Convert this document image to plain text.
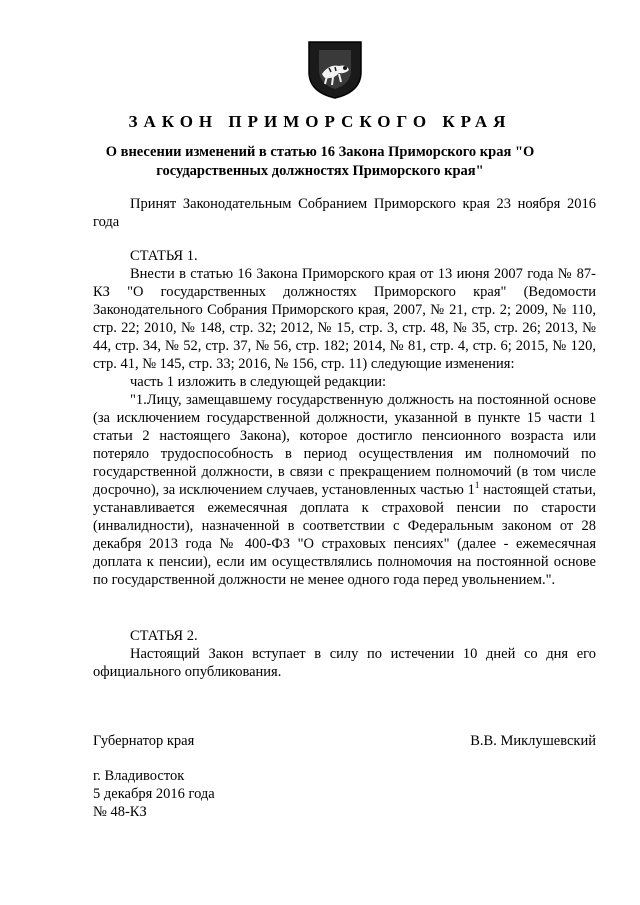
ЗАКОН ПРИМОРСКОГО КРАЯ
О внесении изменений в статью 16 Закона Приморского края "О государственных должностях Приморского края"

Принят Законодательным Собранием Приморского края 23 ноября 2016 года

СТАТЬЯ 1.

Внести в статью 16 Закона Приморского края от 13 июня 2007 года № 87-КЗ "О государственных должностях Приморского края" (Ведомости Законодательного Собрания Приморского края, 2007, № 21, стр. 2; 2009, № 110, стр. 22; 2010, № 148, стр. 32; 2012, № 15, стр. 3, стр. 48, № 35, стр. 26; 2013, № 44, стр. 34, № 52, стр. 37, № 56, стр. 182; 2014, № 81, стр. 4, стр. 6; 2015, № 120, стр. 41, № 145, стр. 33; 2016, № 156, стр. 11) следующие изменения:

часть 1 изложить в следующей редакции:

"1.Лицу, замещавшему государственную должность на постоянной основе (за исключением государственной должности, указанной в пункте 15 части 1 статьи 2 настоящего Закона), которое достигло пенсионного возраста или потеряло трудоспособность в период осуществления им полномочий по государственной должности, в связи с прекращением полномочий (в том числе досрочно), за исключением случаев, установленных частью $1^1$ настоящей статьи, устанавливается ежемесячная доплата к страховой пенсии по старости (инвалидности), назначенной в соответствии с Федеральным законом от 28 декабря 2013 года № 400-ФЗ "О страховых пенсиях" (далее - ежемесячная доплата к пенсии), если им осуществлялись полномочия на постоянной основе по государственной должности не менее одного года перед увольнением.".

СТАТЬЯ 2.

Настоящий Закон вступает в силу по истечении 10 дней со дня его официального опубликования.

Губернатор края	В.В. Миклушевский
г. Владивосток
5 декабря 2016 года
№ 48-КЗ
